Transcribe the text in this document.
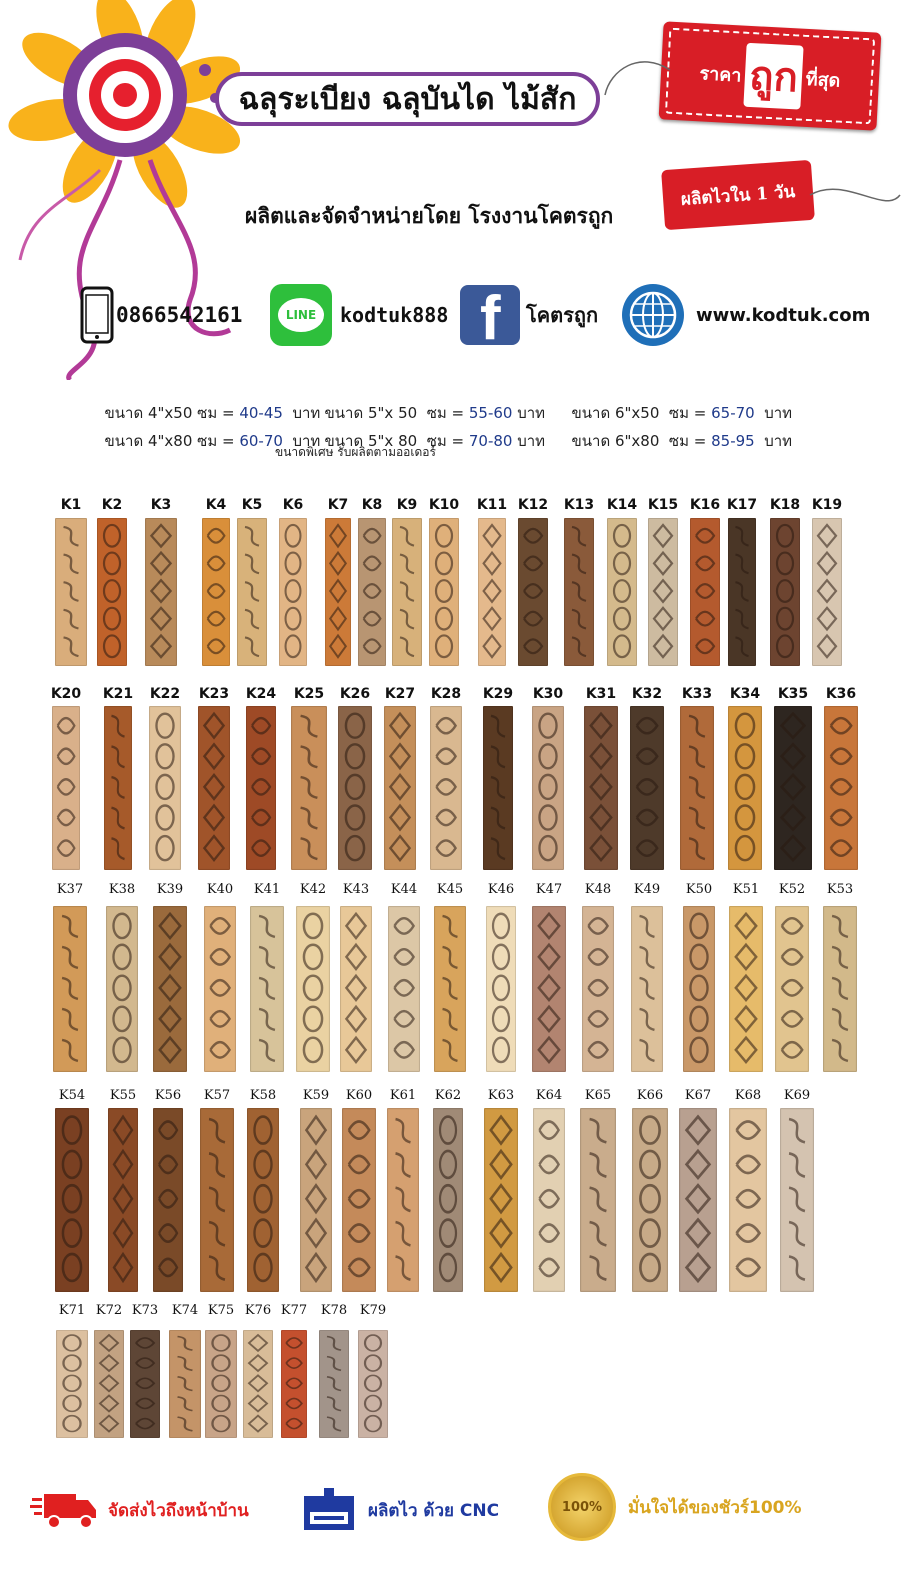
ฉลุระเบียง ฉลุบันได ไม้สัก
ราคา ถูก ที่สุด
ผลิตและจัดจำหน่ายโดย โรงงานโคตรถูก
ผลิตไวใน 1 วัน
0866542161	LINE	kodtuk888 f โคตรถูก	www.kodtuk.com

ขนาด 4"x50 ซม = 40-45  บาท ขนาด 5"x 50  ซม = 55-60 บาท	ขนาด 6"x50  ซม = 65-70  บาท

ขนาด 4"x80 ซม = 60-70  บาท ขนาด 5"x 80  ซม = 70-80 บาท	ขนาด 6"x80  ซม = 85-95  บาท

ขนาดพิเศษ รับผลิตตามออเดอร์
K1	K2	K3	K4	K5	K6	K7 K8	K9 K10	K11 K12	K13 K14 K15 K16 K17 K18 K19
K20	K21	K22	K23	K24	K25	K26	K27	K28	K29	K30	K31	K32	K33	K34	K35	K36
K37	K38	K39	K40	K41	K42	K43	K44	K45	K46	K47	K48	K49	K50	K51	K52	K53
K54	K55	K56	K57	K58	K59	K60	K61	K62	K63	K64	K65	K66	K67	K68	K69
K71 K72 K73	K74 K75 K76 K77	K78 K79
จัดส่งไวถึงหน้าบ้าน	ผลิตไว ด้วย CNC	100% มั่นใจได้ของชัวร์100%
